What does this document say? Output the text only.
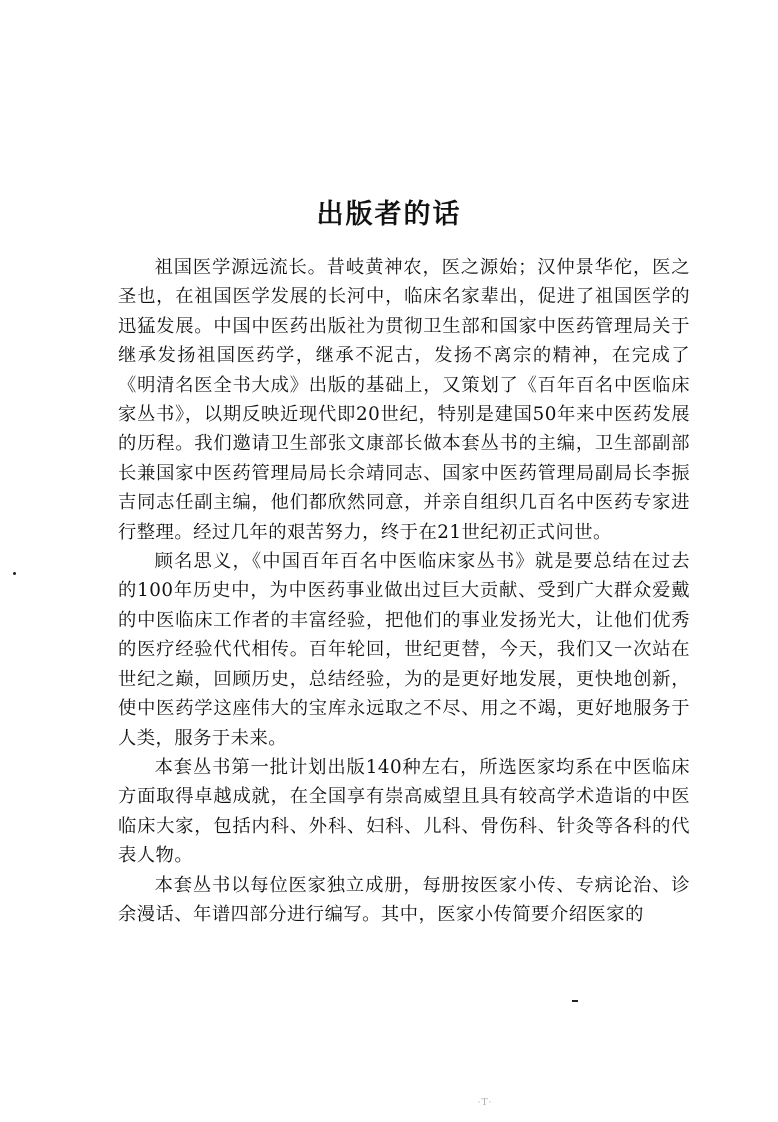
出版者的话

祖国医学源远流长。昔岐黄神农，医之源始；汉仲景华佗，医之圣也，在祖国医学发展的长河中，临床名家辈出，促进了祖国医学的迅猛发展。中国中医药出版社为贯彻卫生部和国家中医药管理局关于继承发扬祖国医药学，继承不泥古，发扬不离宗的精神，在完成了《明清名医全书大成》出版的基础上，又策划了《百年百名中医临床家丛书》，以期反映近现代即20世纪，特别是建国50年来中医药发展的历程。我们邀请卫生部张文康部长做本套丛书的主编，卫生部副部长兼国家中医药管理局局长佘靖同志、国家中医药管理局副局长李振吉同志任副主编，他们都欣然同意，并亲自组织几百名中医药专家进行整理。经过几年的艰苦努力，终于在21世纪初正式问世。

顾名思义，《中国百年百名中医临床家丛书》就是要总结在过去的100年历史中，为中医药事业做出过巨大贡献、受到广大群众爱戴的中医临床工作者的丰富经验，把他们的事业发扬光大，让他们优秀的医疗经验代代相传。百年轮回，世纪更替，今天，我们又一次站在世纪之巅，回顾历史，总结经验，为的是更好地发展，更快地创新，使中医药学这座伟大的宝库永远取之不尽、用之不竭，更好地服务于人类，服务于未来。

本套丛书第一批计划出版140种左右，所选医家均系在中医临床方面取得卓越成就，在全国享有崇高威望且具有较高学术造诣的中医临床大家，包括内科、外科、妇科、儿科、骨伤科、针灸等各科的代表人物。

本套丛书以每位医家独立成册，每册按医家小传、专病论治、诊余漫话、年谱四部分进行编写。其中，医家小传简要介绍医家的

·T·
